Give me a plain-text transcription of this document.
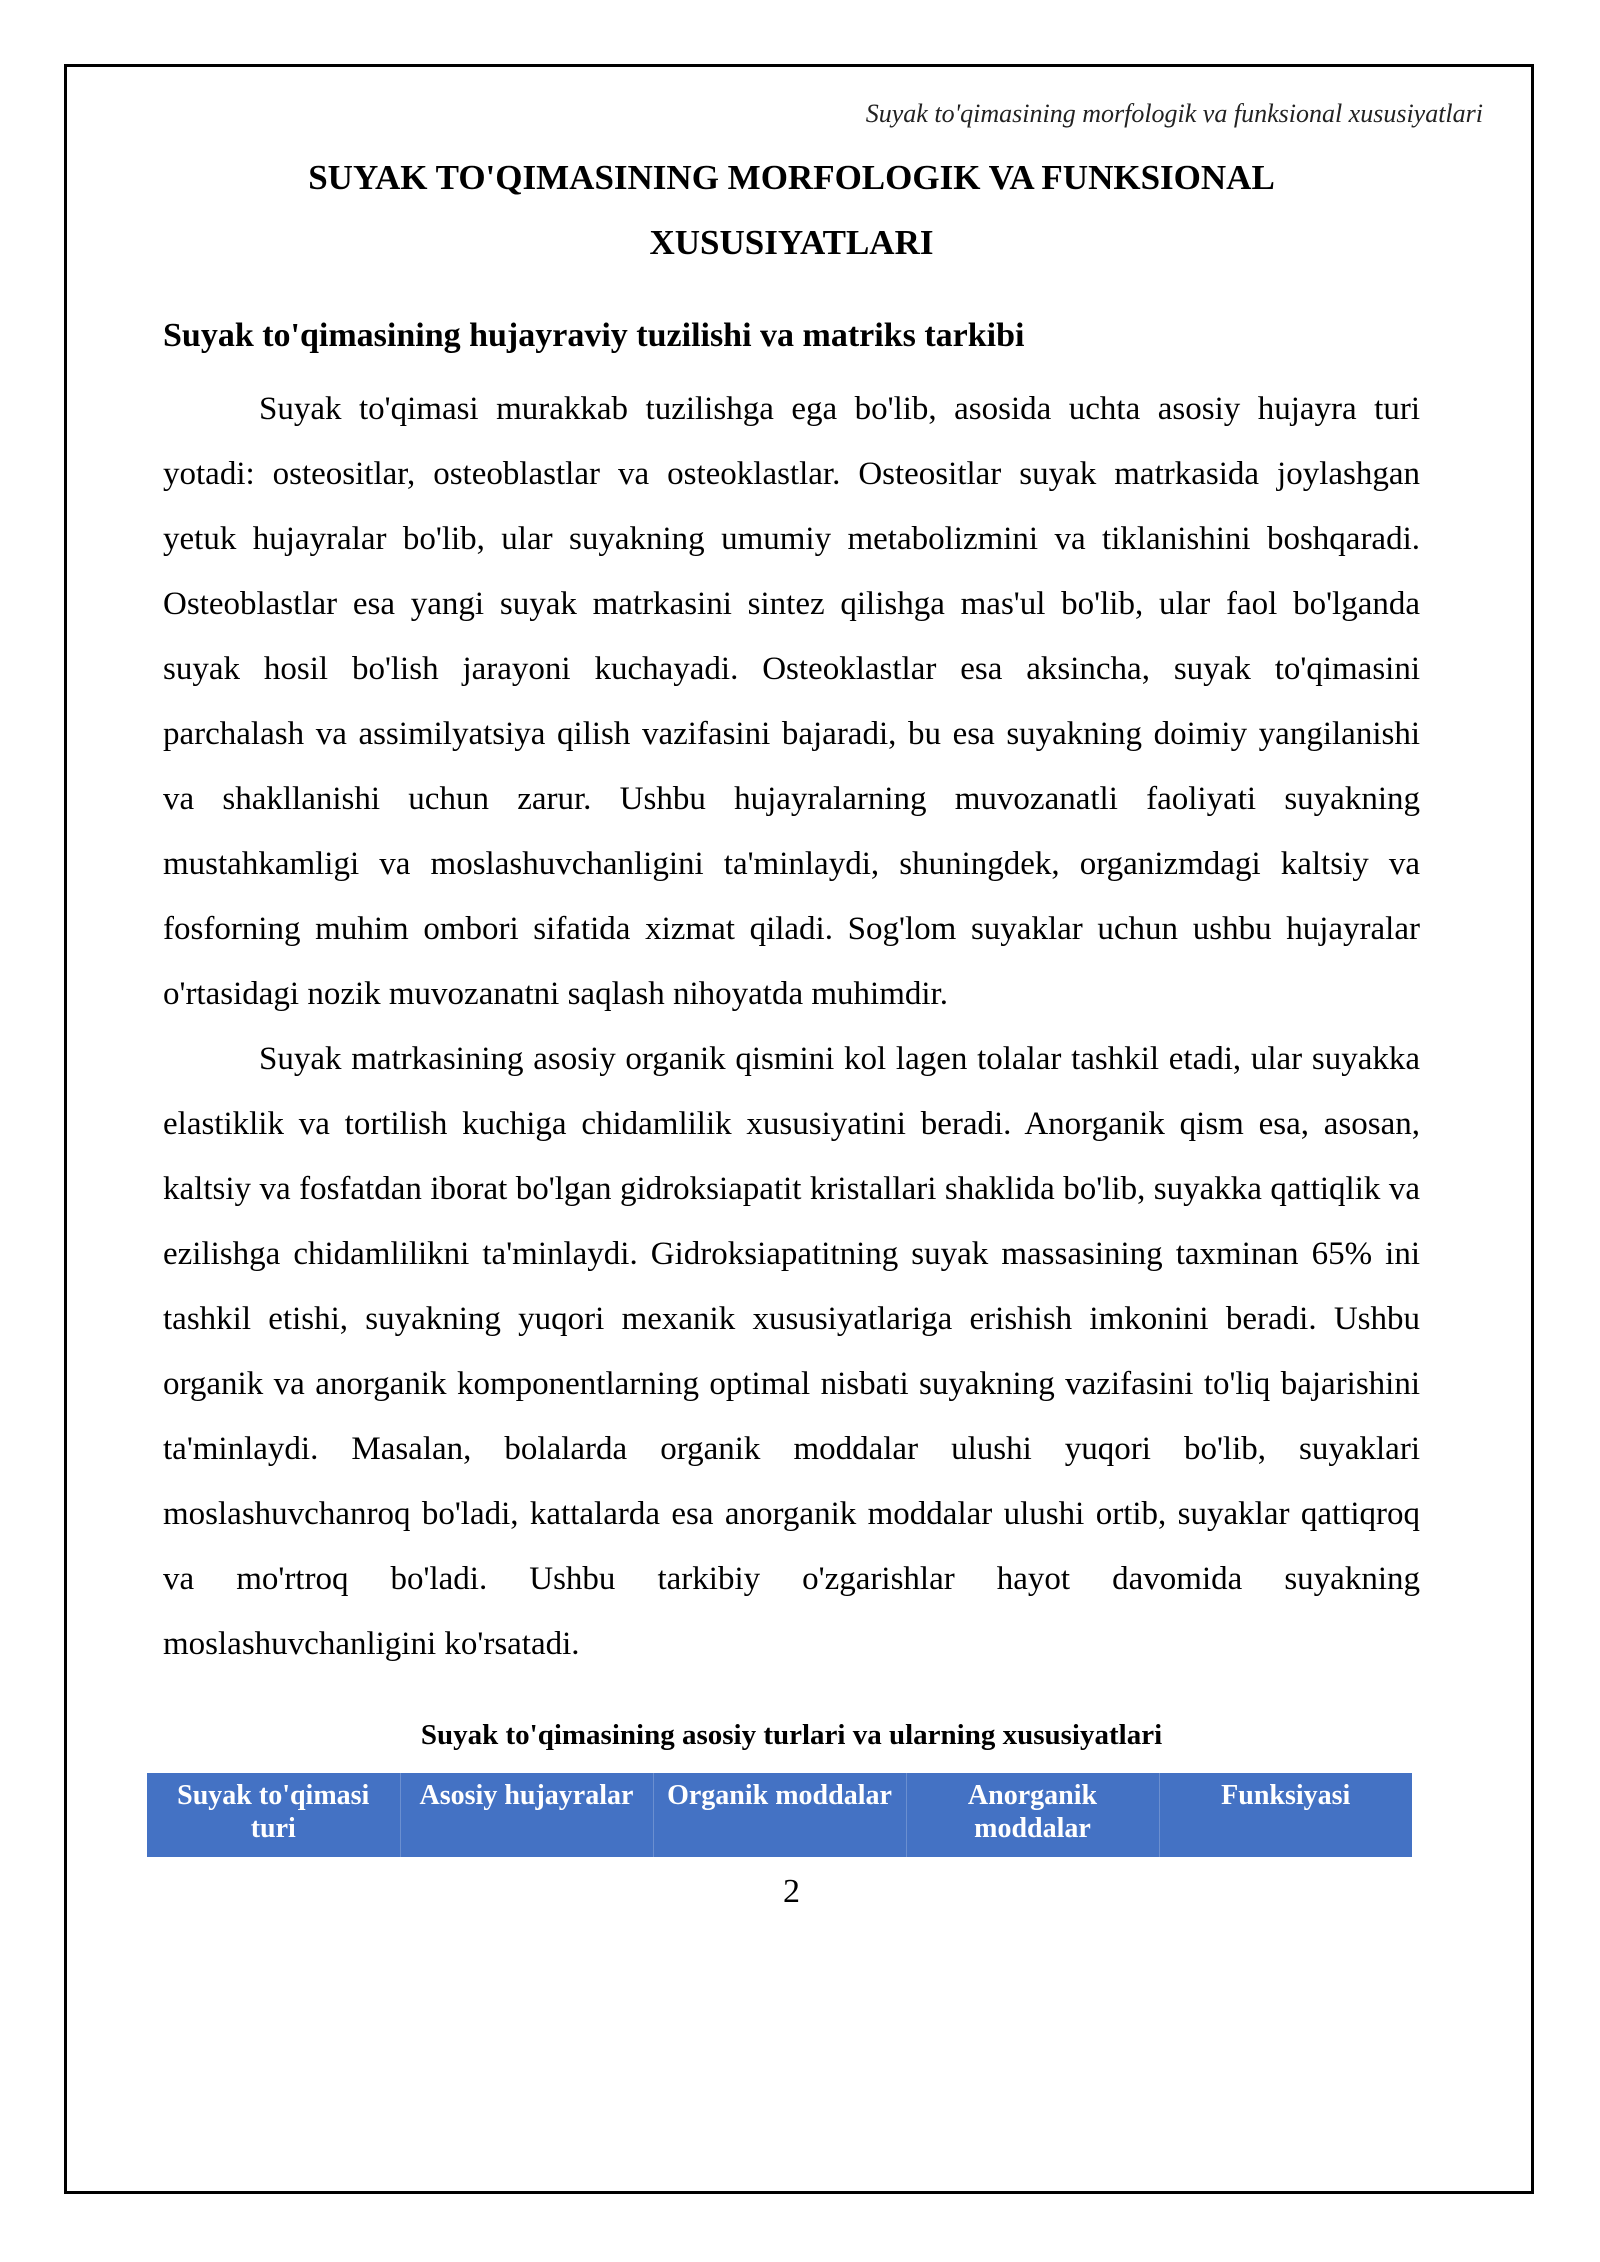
Suyak to'qimasining morfologik va funksional xususiyatlari
SUYAK TO'QIMASINING MORFOLOGIK VA FUNKSIONAL XUSUSIYATLARI
Suyak to'qimasining hujayraviy tuzilishi va matriks tarkibi

Suyak to'qimasi murakkab tuzilishga ega bo'lib, asosida uchta asosiy hujayra turi yotadi: osteositlar, osteoblastlar va osteoklastlar. Osteositlar suyak matrkasida joylashgan yetuk hujayralar bo'lib, ular suyakning umumiy metabolizmini va tiklanishini boshqaradi. Osteoblastlar esa yangi suyak matrkasini sintez qilishga mas'ul bo'lib, ular faol bo'lganda suyak hosil bo'lish jarayoni kuchayadi. Osteoklastlar esa aksincha, suyak to'qimasini parchalash va assimilyatsiya qilish vazifasini bajaradi, bu esa suyakning doimiy yangilanishi va shakllanishi uchun zarur. Ushbu hujayralarning muvozanatli faoliyati suyakning mustahkamligi va moslashuvchanligini ta'minlaydi, shuningdek, organizmdagi kaltsiy va fosforning muhim ombori sifatida xizmat qiladi. Sog'lom suyaklar uchun ushbu hujayralar o'rtasidagi nozik muvozanatni saqlash nihoyatda muhimdir.

Suyak matrkasining asosiy organik qismini kol lagen tolalar tashkil etadi, ular suyakka elastiklik va tortilish kuchiga chidamlilik xususiyatini beradi. Anorganik qism esa, asosan, kaltsiy va fosfatdan iborat bo'lgan gidroksiapatit kristallari shaklida bo'lib, suyakka qattiqlik va ezilishga chidamlilikni ta'minlaydi. Gidroksiapatitning suyak massasining taxminan 65% ini tashkil etishi, suyakning yuqori mexanik xususiyatlariga erishish imkonini beradi. Ushbu organik va anorganik komponentlarning optimal nisbati suyakning vazifasini to'liq bajarishini ta'minlaydi. Masalan, bolalarda organik moddalar ulushi yuqori bo'lib, suyaklari moslashuvchanroq bo'ladi, kattalarda esa anorganik moddalar ulushi ortib, suyaklar qattiqroq va mo'rtroq bo'ladi. Ushbu tarkibiy o'zgarishlar hayot davomida suyakning moslashuvchanligini ko'rsatadi.

Suyak to'qimasining asosiy turlari va ularning xususiyatlari
Suyak to'qimasi turi	Asosiy hujayralar	Organik moddalar	Anorganik moddalar	Funksiyasi
2
